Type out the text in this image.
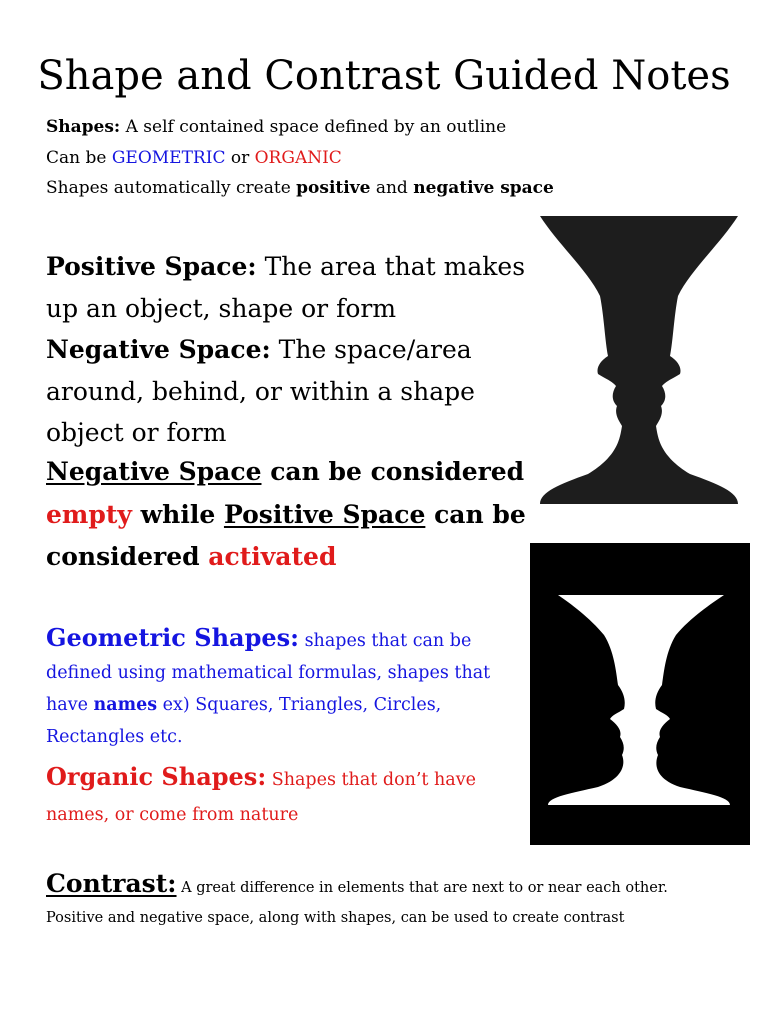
Shape and Contrast Guided Notes

Shapes: A self contained space defined by an outline

Can be GEOMETRIC or ORGANIC

Shapes automatically create positive and negative space

Positive Space: The area that makes up an object, shape or form

Negative Space: The space/area around, behind, or within a shape object or form

Negative Space can be considered

empty while Positive Space can be

considered activated

Geometric Shapes: shapes that can be defined using mathematical formulas, shapes that have names ex) Squares, Triangles, Circles, Rectangles etc.

Organic Shapes: Shapes that don’t have names, or come from nature

Contrast: A great difference in elements that are next to or near each other.

Positive and negative space, along with shapes, can be used to create contrast
